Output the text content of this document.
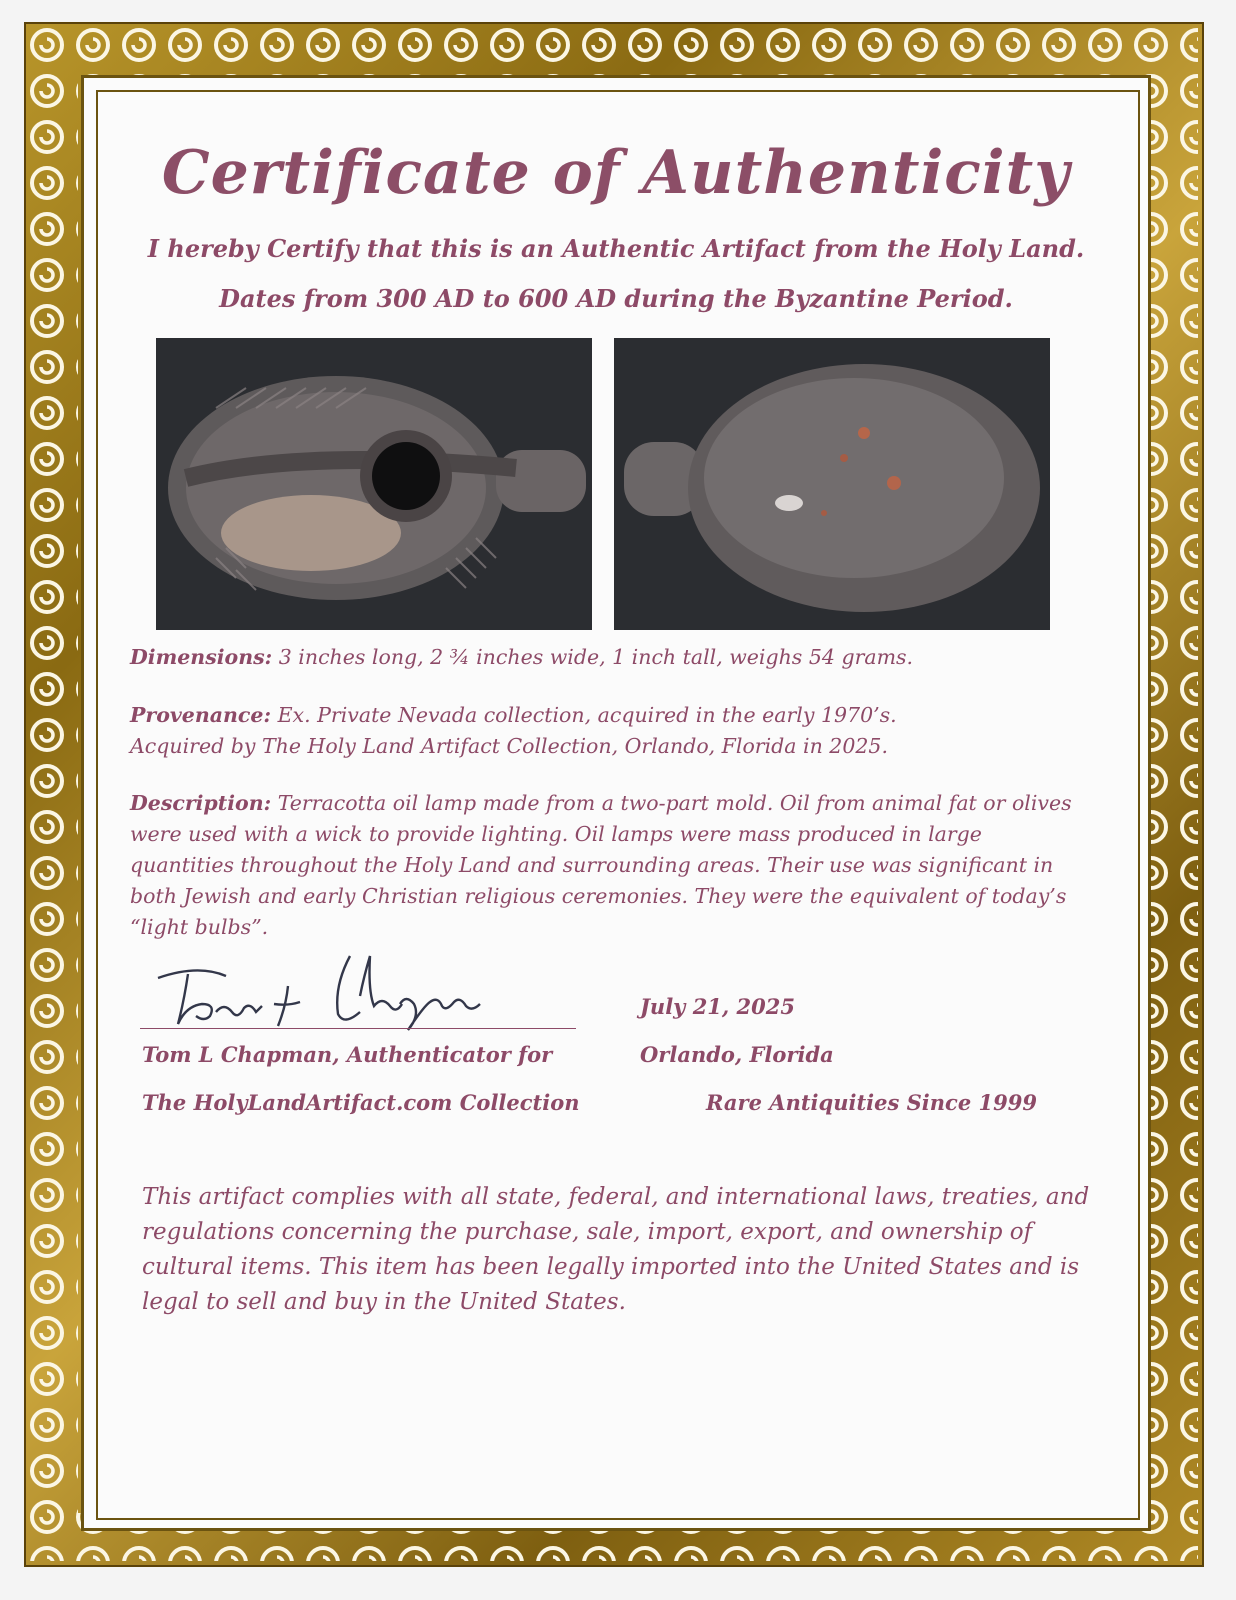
Certificate of Authenticity
I hereby Certify that this is an Authentic Artifact from the Holy Land.
Dates from 300 AD to 600 AD during the Byzantine Period.
Dimensions: 3 inches long, 2 ¾ inches wide, 1 inch tall, weighs 54 grams.
Provenance: Ex. Private Nevada collection, acquired in the early 1970’s.
Acquired by The Holy Land Artifact Collection, Orlando, Florida in 2025.
Description: Terracotta oil lamp made from a two-part mold. Oil from animal fat or olives were used with a wick to provide lighting. Oil lamps were mass produced in large quantities throughout the Holy Land and surrounding areas. Their use was significant in both Jewish and early Christian religious ceremonies. They were the equivalent of today’s “light bulbs”.
Tom L Chapman, Authenticator for
The HolyLandArtifact.com Collection
July 21, 2025
Orlando, Florida
Rare Antiquities Since 1999
This artifact complies with all state, federal, and international laws, treaties, and regulations concerning the purchase, sale, import, export, and ownership of cultural items. This item has been legally imported into the United States and is legal to sell and buy in the United States.
